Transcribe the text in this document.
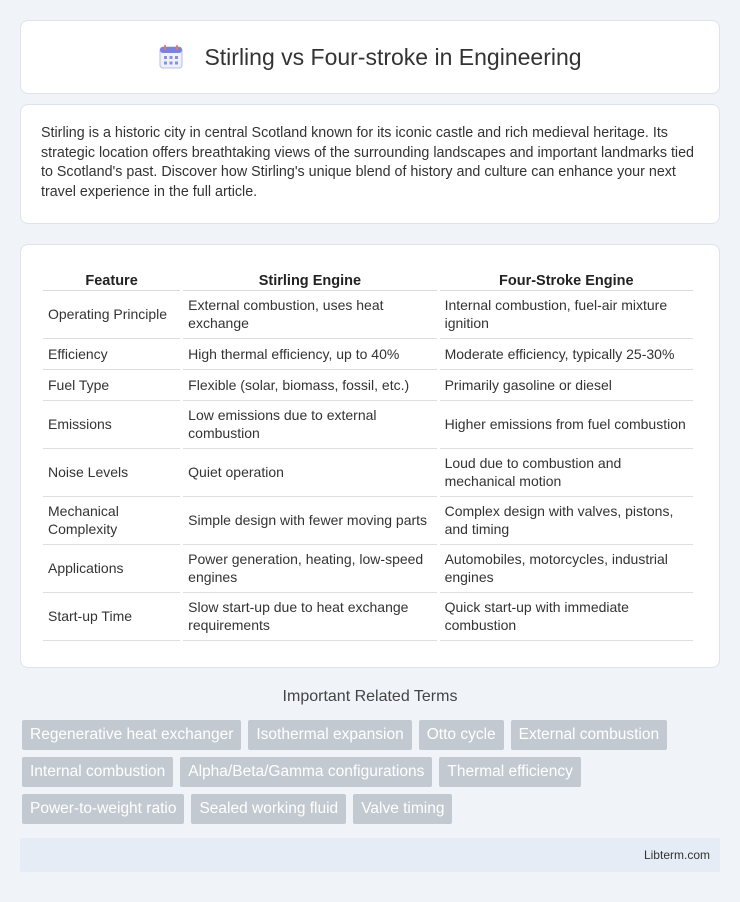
Stirling vs Four-stroke in Engineering

Stirling is a historic city in central Scotland known for its iconic castle and rich medieval heritage. Its strategic location offers breathtaking views of the surrounding landscapes and important landmarks tied to Scotland's past. Discover how Stirling's unique blend of history and culture can enhance your next travel experience in the full article.

Feature	Stirling Engine	Four-Stroke Engine
Operating Principle	External combustion, uses heat exchange	Internal combustion, fuel-air mixture ignition
Efficiency	High thermal efficiency, up to 40%	Moderate efficiency, typically 25-30%
Fuel Type	Flexible (solar, biomass, fossil, etc.)	Primarily gasoline or diesel
Emissions	Low emissions due to external combustion	Higher emissions from fuel combustion
Noise Levels	Quiet operation	Loud due to combustion and mechanical motion
Mechanical Complexity	Simple design with fewer moving parts	Complex design with valves, pistons, and timing
Applications	Power generation, heating, low-speed engines	Automobiles, motorcycles, industrial engines
Start-up Time	Slow start-up due to heat exchange requirements	Quick start-up with immediate combustion
Important Related Terms
Regenerative heat exchanger	Isothermal expansion	Otto cycle	External combustion
Internal combustion	Alpha/Beta/Gamma configurations	Thermal efficiency
Power-to-weight ratio	Sealed working fluid	Valve timing
Libterm.com
